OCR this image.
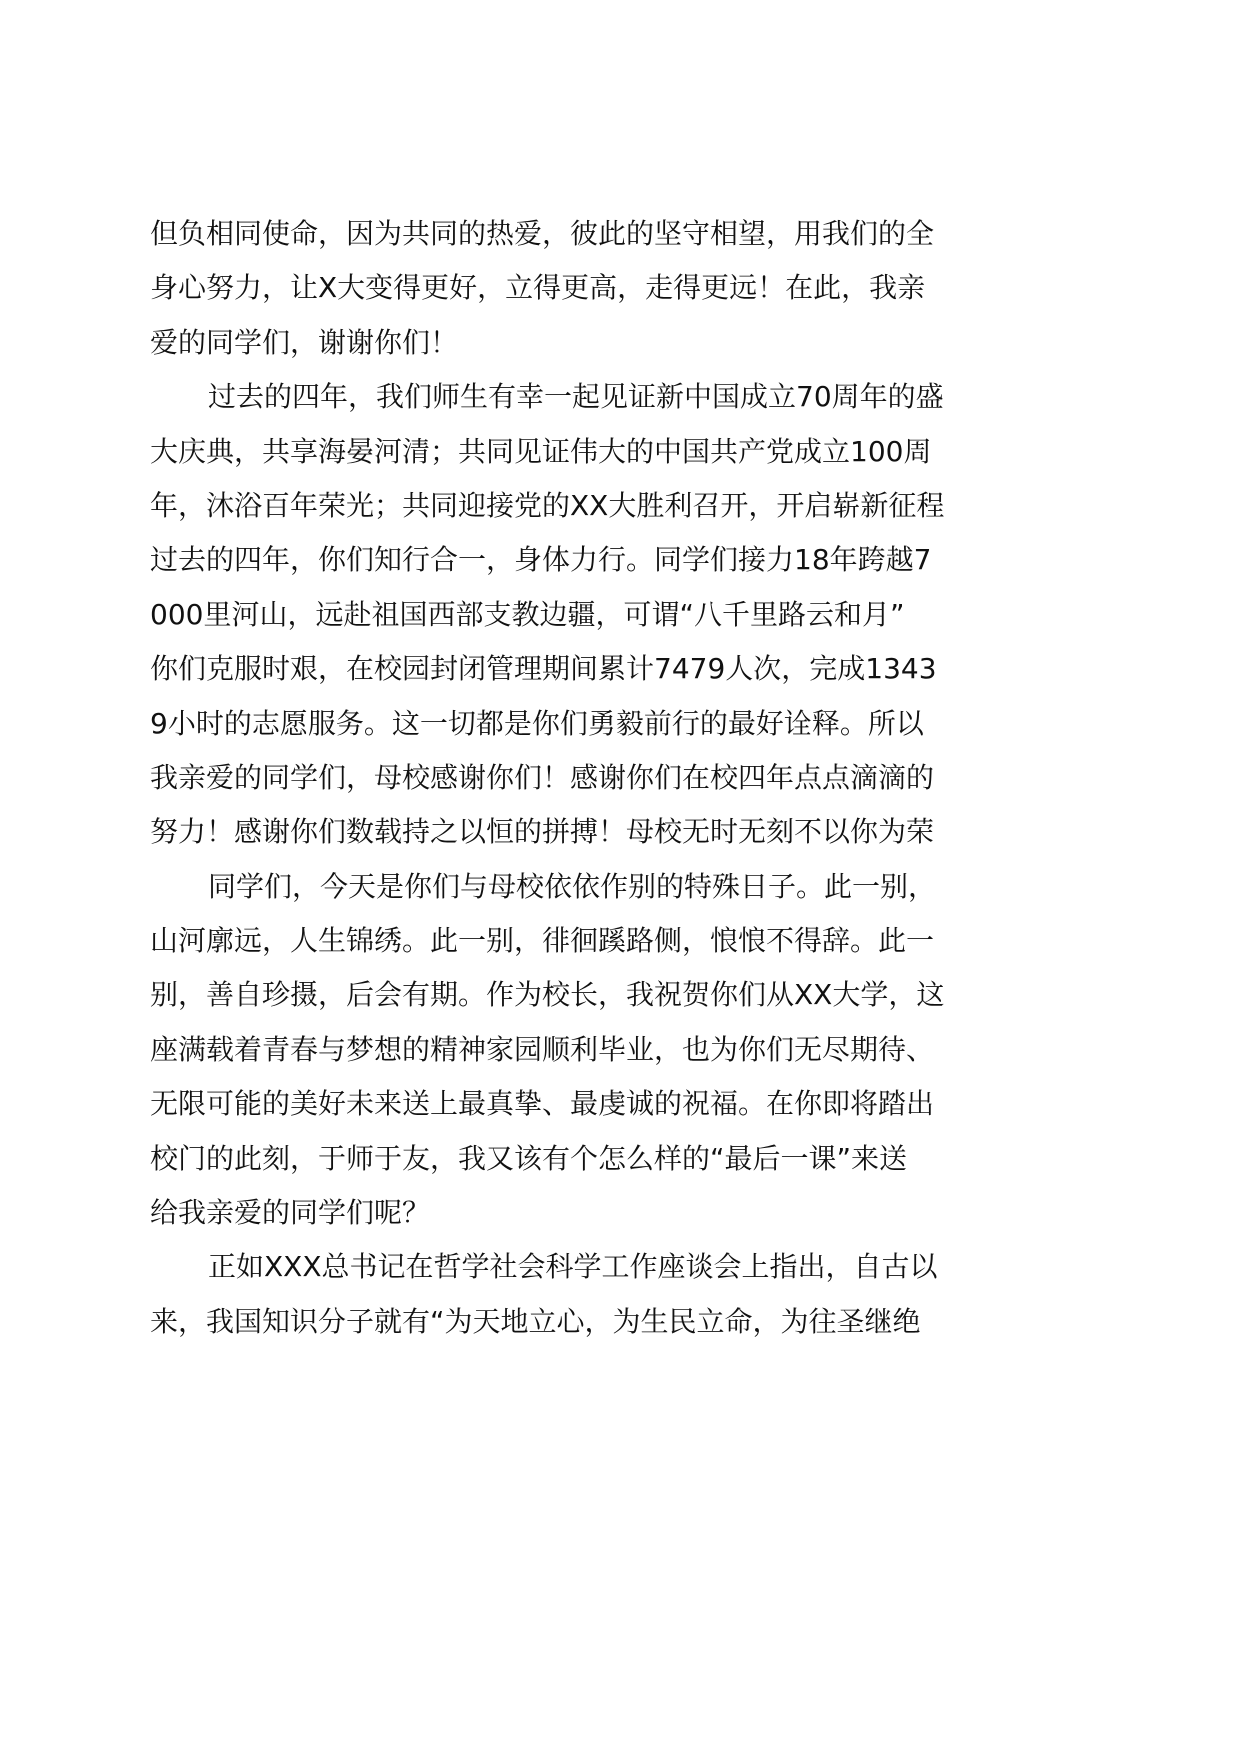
但负相同使命，因为共同的热爱，彼此的坚守相望，用我们的全
身心努力，让X大变得更好，立得更高，走得更远！在此，我亲
爱的同学们，谢谢你们！
过去的四年，我们师生有幸一起见证新中国成立70周年的盛
大庆典，共享海晏河清；共同见证伟大的中国共产党成立100周
年，沐浴百年荣光；共同迎接党的XX大胜利召开，开启崭新征程
过去的四年，你们知行合一，身体力行。同学们接力18年跨越7
000里河山，远赴祖国西部支教边疆，可谓“八千里路云和月”
你们克服时艰，在校园封闭管理期间累计7479人次，完成1343
9小时的志愿服务。这一切都是你们勇毅前行的最好诠释。所以
我亲爱的同学们，母校感谢你们！感谢你们在校四年点点滴滴的
努力！感谢你们数载持之以恒的拼搏！母校无时无刻不以你为荣
同学们，今天是你们与母校依依作别的特殊日子。此一别，
山河廓远，人生锦绣。此一别，徘徊蹊路侧，悢悢不得辞。此一
别，善自珍摄，后会有期。作为校长，我祝贺你们从XX大学，这
座满载着青春与梦想的精神家园顺利毕业，也为你们无尽期待、
无限可能的美好未来送上最真挚、最虔诚的祝福。在你即将踏出
校门的此刻，于师于友，我又该有个怎么样的“最后一课”来送
给我亲爱的同学们呢？
正如XXX总书记在哲学社会科学工作座谈会上指出，自古以
来，我国知识分子就有“为天地立心，为生民立命，为往圣继绝
